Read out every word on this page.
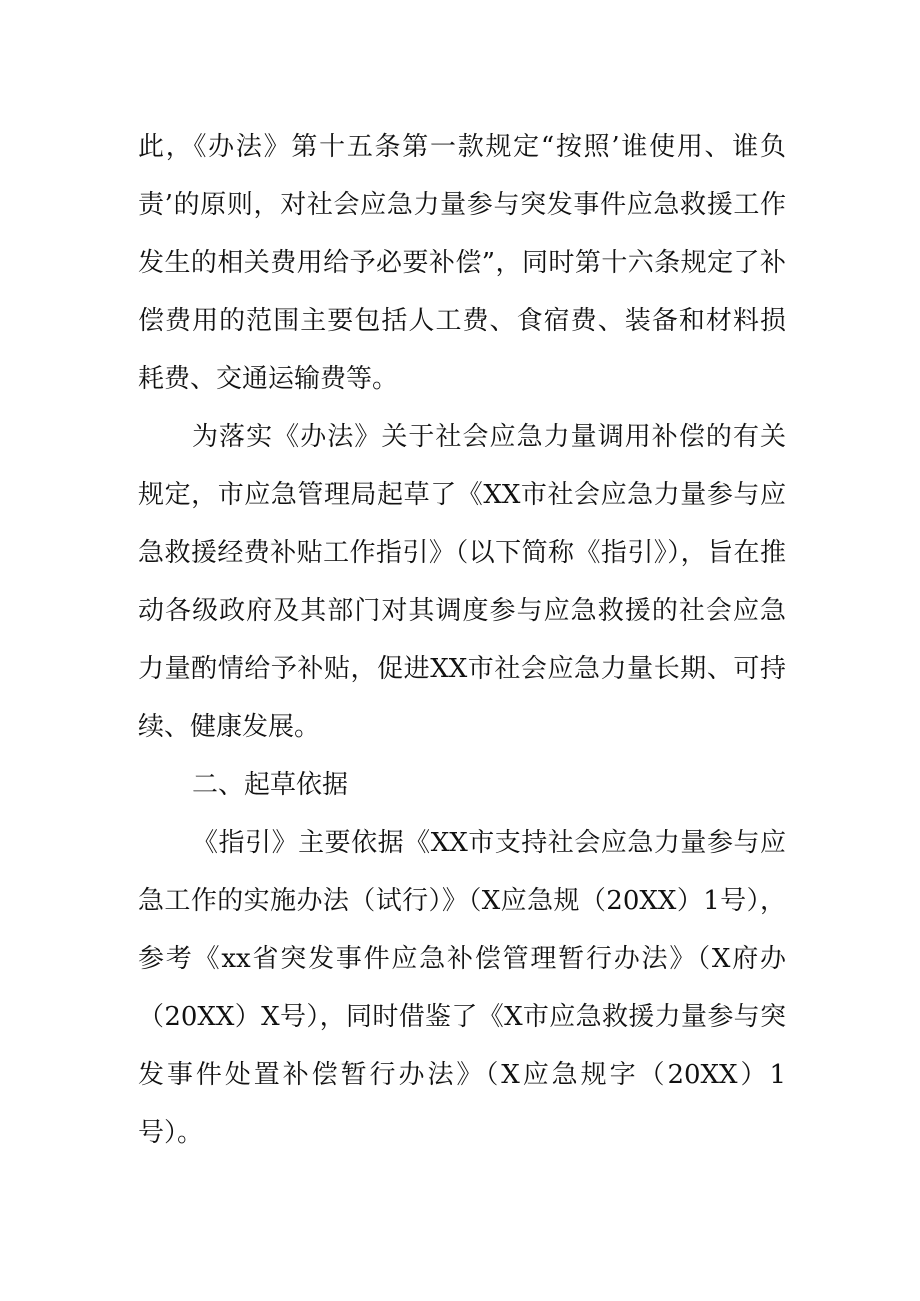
此，《办法》第十五条第一款规定“按照’谁使用、谁负责’的原则，对社会应急力量参与突发事件应急救援工作发生的相关费用给予必要补偿”，同时第十六条规定了补偿费用的范围主要包括人工费、食宿费、装备和材料损耗费、交通运输费等。

为落实《办法》关于社会应急力量调用补偿的有关规定，市应急管理局起草了《XX市社会应急力量参与应急救援经费补贴工作指引》（以下简称《指引》），旨在推动各级政府及其部门对其调度参与应急救援的社会应急力量酌情给予补贴，促进XX市社会应急力量长期、可持续、健康发展。

二、起草依据

《指引》主要依据《XX市支持社会应急力量参与应急工作的实施办法（试行）》（X应急规（20XX）1号），参考《xx省突发事件应急补偿管理暂行办法》（X府办（20XX）X号），同时借鉴了《X市应急救援力量参与突发事件处置补偿暂行办法》（X应急规字（20XX）1号）。
